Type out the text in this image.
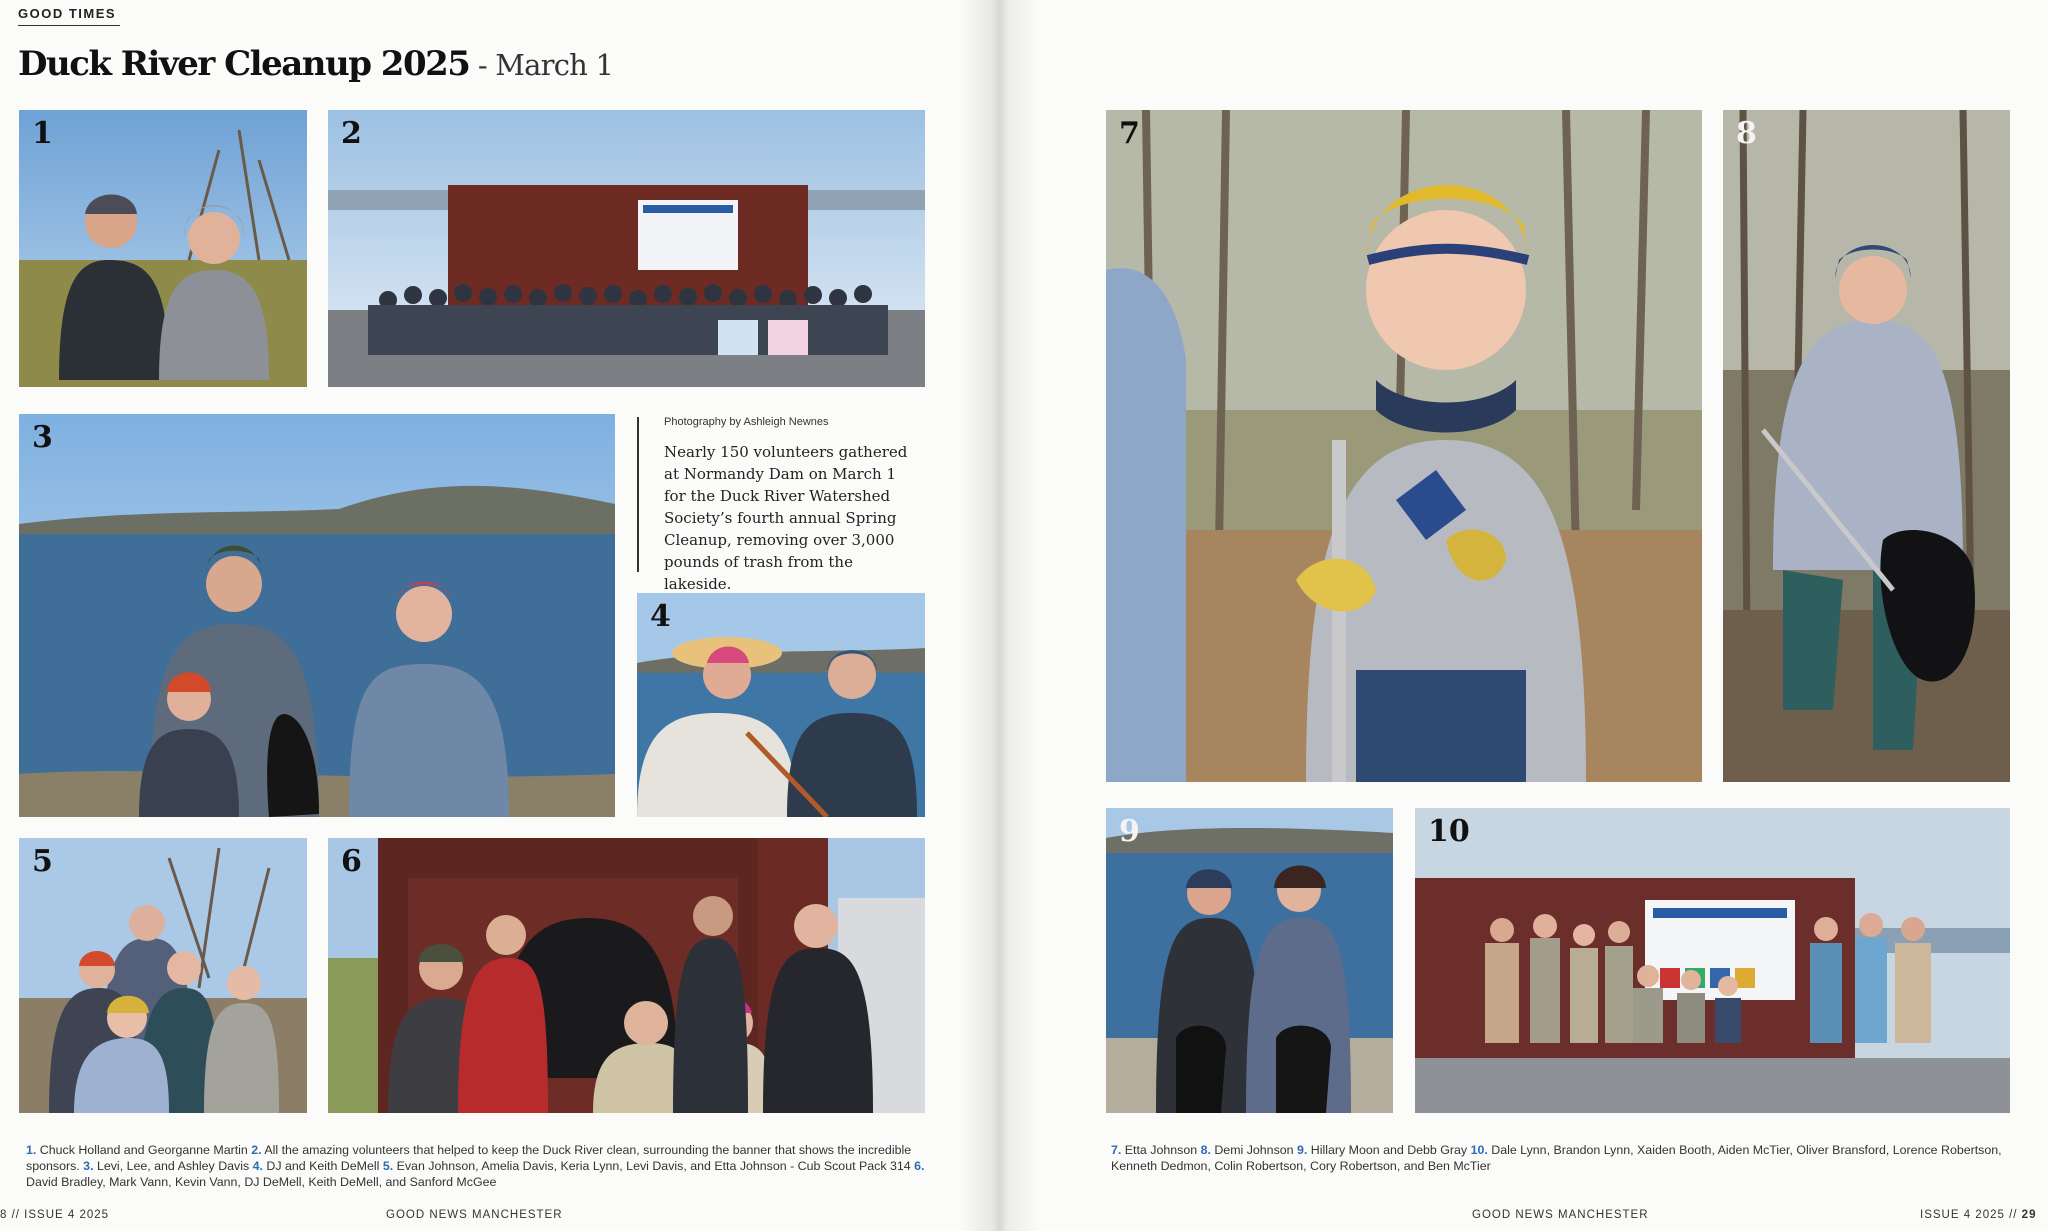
GOOD TIMES
Duck River Cleanup 2025 - March 1
1	2
3	Photography by Ashleigh Newnes
Nearly 150 volunteers gathered at Normandy Dam on March 1 for the Duck River Watershed Society’s fourth annual Spring Cleanup, removing over 3,000 pounds of trash from the lakeside.
4
5	6
1. Chuck Holland and Georganne Martin 2. All the amazing volunteers that helped to keep the Duck River clean, surrounding the banner that shows the incredible sponsors. 3. Levi, Lee, and Ashley Davis 4. DJ and Keith DeMell 5. Evan Johnson, Amelia Davis, Keria Lynn, Levi Davis, and Etta Johnson - Cub Scout Pack 314 6. David Bradley, Mark Vann, Kevin Vann, DJ DeMell, Keith DeMell, and Sanford McGee
8 // ISSUE 4 2025	GOOD NEWS MANCHESTER
7	8
9	10
7. Etta Johnson 8. Demi Johnson 9. Hillary Moon and Debb Gray 10. Dale Lynn, Brandon Lynn, Xaiden Booth, Aiden McTier, Oliver Bransford, Lorence Robertson, Kenneth Dedmon, Colin Robertson, Cory Robertson, and Ben McTier
GOOD NEWS MANCHESTER	ISSUE 4 2025 // 29
